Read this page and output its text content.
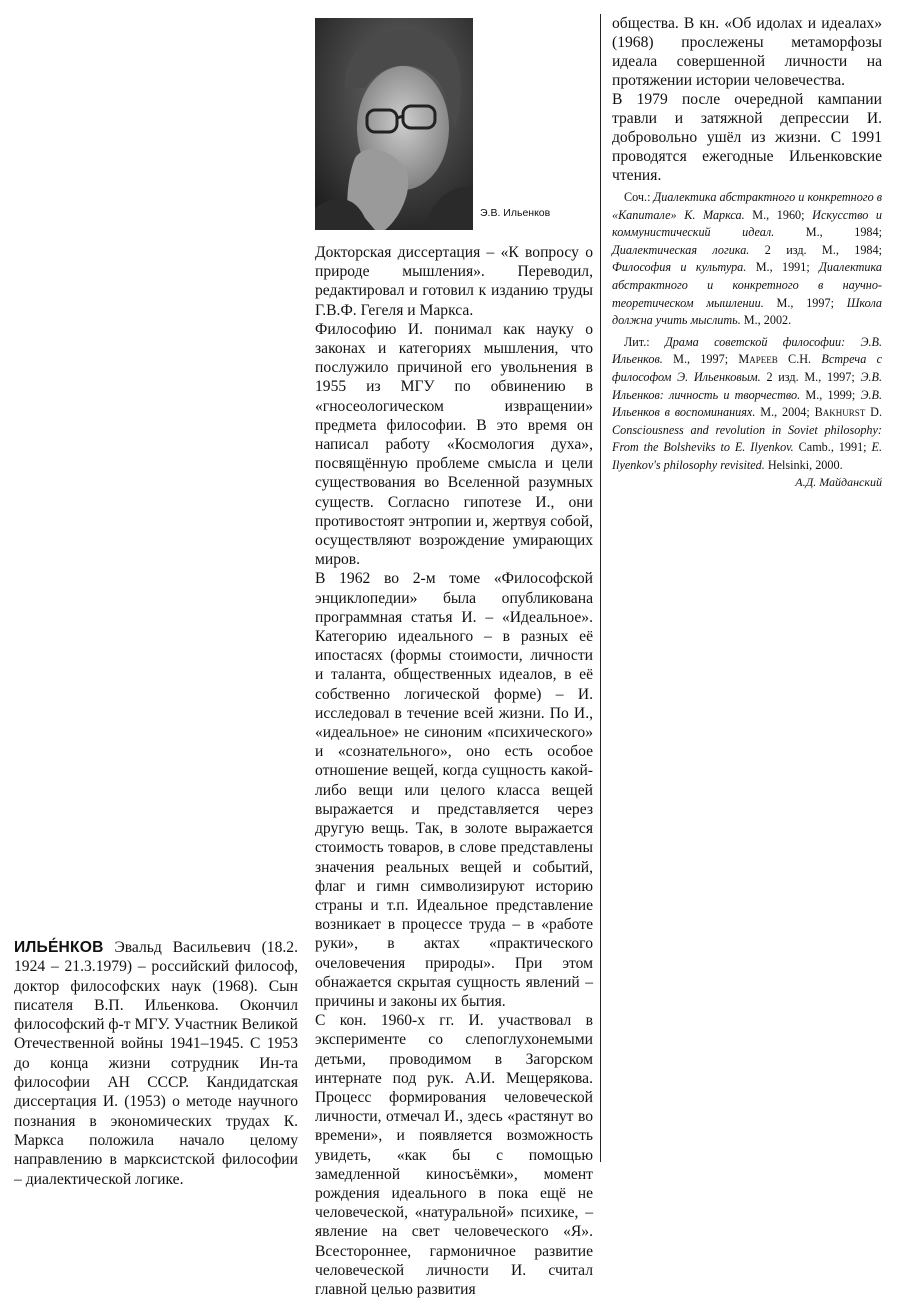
ИЛЬЕ́НКОВ Эвальд Васильевич (18.2. 1924 – 21.3.1979) – российский философ, доктор философских наук (1968). Сын писателя В.П. Ильенкова. Окончил философский ф-т МГУ. Участник Великой Отечественной войны 1941–1945. С 1953 до конца жизни сотрудник Ин-та философии АН СССР. Кандидатская диссертация И. (1953) о методе научного познания в экономических трудах К. Маркса положила начало целому направлению в марксистской философии – диалектической логике.

Э.В. Ильенков

Докторская диссертация – «К вопросу о природе мышления». Переводил, редактировал и готовил к изданию труды Г.В.Ф. Гегеля и Маркса.

Философию И. понимал как науку о законах и категориях мышления, что послужило причиной его увольнения в 1955 из МГУ по обвинению в «гносеологическом извращении» предмета философии. В это время он написал работу «Космология духа», посвящённую проблеме смысла и цели существования во Вселенной разумных существ. Согласно гипотезе И., они противостоят энтропии и, жертвуя собой, осуществляют возрождение умирающих миров.

В 1962 во 2-м томе «Философской энциклопедии» была опубликована программная статья И. – «Идеальное». Категорию идеального – в разных её ипостасях (формы стоимости, личности и таланта, общественных идеалов, в её собственно логической форме) – И. исследовал в течение всей жизни. По И., «идеальное» не синоним «психического» и «сознательного», оно есть особое отношение вещей, когда сущность какой-либо вещи или целого класса вещей выражается и представляется через другую вещь. Так, в золоте выражается стоимость товаров, в слове представлены значения реальных вещей и событий, флаг и гимн символизируют историю страны и т.п. Идеальное представление возникает в процессе труда – в «работе руки», в актах «практического очеловечения природы». При этом обнажается скрытая сущность явлений – причины и законы их бытия.

С кон. 1960-х гг. И. участвовал в эксперименте со слепоглухонемыми детьми, проводимом в Загорском интернате под рук. А.И. Мещерякова. Процесс формирования человеческой личности, отмечал И., здесь «растянут во времени», и появляется возможность увидеть, «как бы с помощью замедленной киносъёмки», момент рождения идеального в пока ещё не человеческой, «натуральной» психике, – явление на свет человеческого «Я». Всестороннее, гармоничное развитие человеческой личности И. считал главной целью развития

общества. В кн. «Об идолах и идеалах» (1968) прослежены метаморфозы идеала совершенной личности на протяжении истории человечества.

В 1979 после очередной кампании травли и затяжной депрессии И. добровольно ушёл из жизни. С 1991 проводятся ежегодные Ильенковские чтения.

Соч.: Диалектика абстрактного и конкретного в «Капитале» К. Маркса. М., 1960; Искусство и коммунистический идеал.	М., 1984; Диалектическая логика. 2 изд. М., 1984; Философия и культура. М., 1991; Диалектика абстрактного и конкретного в научно-теоретическом мышлении. М., 1997; Школа должна учить мыслить. М., 2002.

Лит.: Драма советской философии: Э.В. Ильенков. М., 1997; Мареев С.Н. Встреча с философом Э. Ильенковым. 2 изд. М., 1997; Э.В. Ильенков: личность и творчество. М., 1999; Э.В. Ильенков в воспоминаниях. М., 2004; Bakhurst D. Consciousness and revolution in Soviet philosophy: From the Bolsheviks to E. Ilyenkov. Camb., 1991; E. Ilyenkov's philosophy revisited. Helsinki, 2000.

А.Д. Майданский
